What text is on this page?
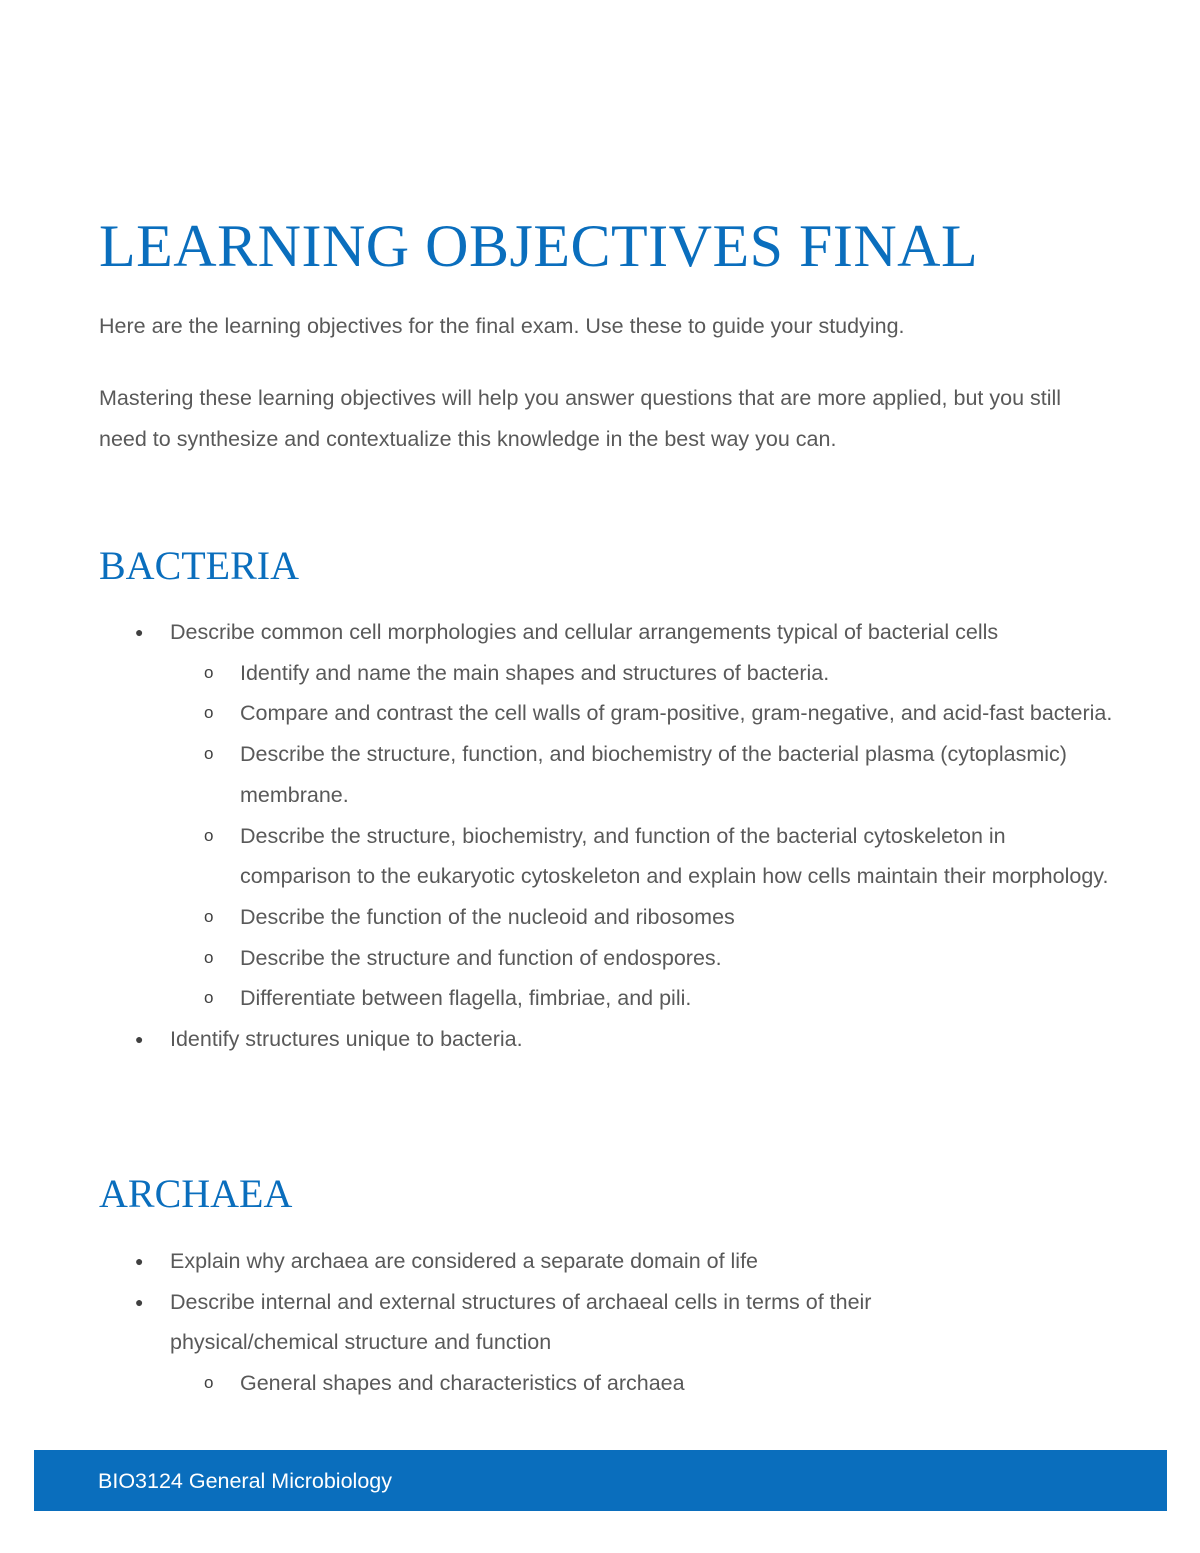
LEARNING OBJECTIVES FINAL

Here are the learning objectives for the final exam. Use these to guide your studying.

Mastering these learning objectives will help you answer questions that are more applied, but you still need to synthesize and contextualize this knowledge in the best way you can.

BACTERIA
● Describe common cell morphologies and cellular arrangements typical of bacterial cells
o Identify and name the main shapes and structures of bacteria.
o Compare and contrast the cell walls of gram-positive, gram-negative, and acid-fast bacteria.
o Describe the structure, function, and biochemistry of the bacterial plasma (cytoplasmic) membrane.
o Describe the structure, biochemistry, and function of the bacterial cytoskeleton in comparison to the eukaryotic cytoskeleton and explain how cells maintain their morphology.
o Describe the function of the nucleoid and ribosomes
o Describe the structure and function of endospores.
o Differentiate between flagella, fimbriae, and pili.
● Identify structures unique to bacteria.
ARCHAEA
● Explain why archaea are considered a separate domain of life
● Describe internal and external structures of archaeal cells in terms of their physical/chemical structure and function
o General shapes and characteristics of archaea

BIO3124 General Microbiology
